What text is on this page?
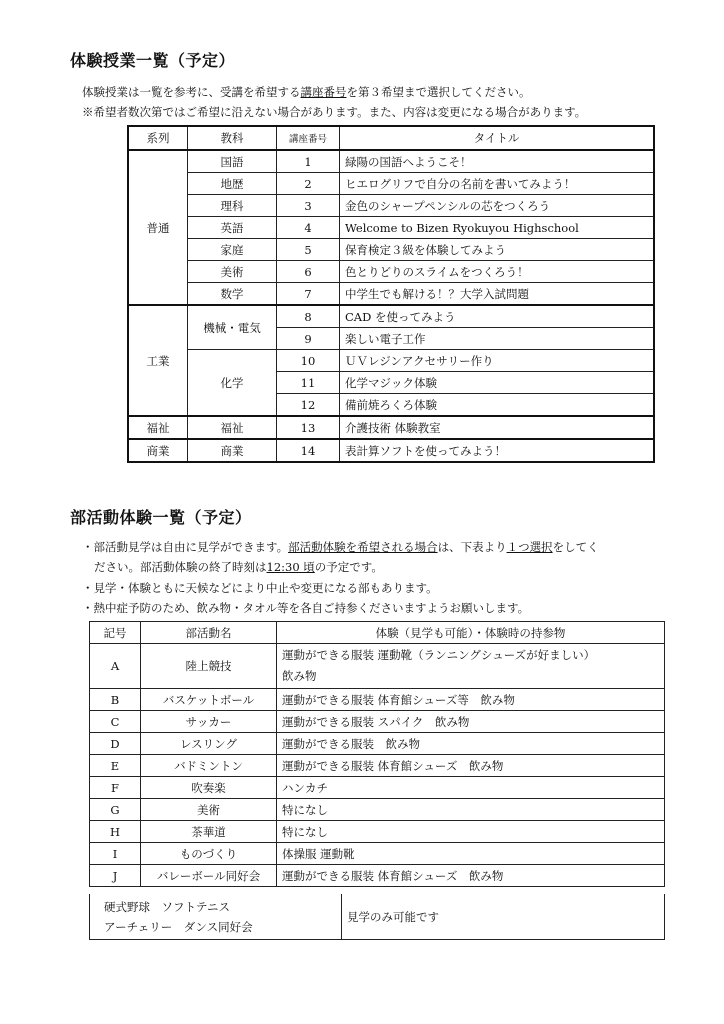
体験授業一覧（予定）
体験授業は一覧を参考に、受講を希望する講座番号を第３希望まで選択してください。
※希望者数次第ではご希望に沿えない場合があります。また、内容は変更になる場合があります。
系列	教科	講座番号	タイトル
普通	国語	1	緑陽の国語へようこそ！
	地歴	2	ヒエログリフで自分の名前を書いてみよう！
	理科	3	金色のシャープペンシルの芯をつくろう
	英語	4	Welcome to Bizen Ryokuyou Highschool
	家庭	5	保育検定３級を体験してみよう
	美術	6	色とりどりのスライムをつくろう！
	数学	7	中学生でも解ける！？大学入試問題
工業	機械・電気	8	CAD を使ってみよう
		9	楽しい電子工作
	化学	10	ＵＶレジンアクセサリー作り
		11	化学マジック体験
		12	備前焼ろくろ体験
福祉	福祉	13	介護技術 体験教室
商業	商業	14	表計算ソフトを使ってみよう！
部活動体験一覧（予定）
・部活動見学は自由に見学ができます。部活動体験を希望される場合は、下表より１つ選択をしてく
ださい。部活動体験の終了時刻は12:30 頃の予定です。
・見学・体験ともに天候などにより中止や変更になる部もあります。
・熱中症予防のため、飲み物・タオル等を各自ご持参くださいますようお願いします。
記号	部活動名	体験（見学も可能）・体験時の持参物
A	陸上競技	運動ができる服装 運動靴（ランニングシューズが好ましい）
飲み物

B	バスケットボール	運動ができる服装 体育館シューズ等　飲み物
C	サッカー	運動ができる服装 スパイク　飲み物
D	レスリング	運動ができる服装　飲み物
E	バドミントン	運動ができる服装 体育館シューズ　飲み物
F	吹奏楽	ハンカチ
G	美術	特になし
H	茶華道	特になし
I	ものづくり	体操服 運動靴
J	バレーボール同好会	運動ができる服装 体育館シューズ　飲み物
硬式野球　ソフトテニス
アーチェリー　ダンス同好会
	見学のみ可能です
